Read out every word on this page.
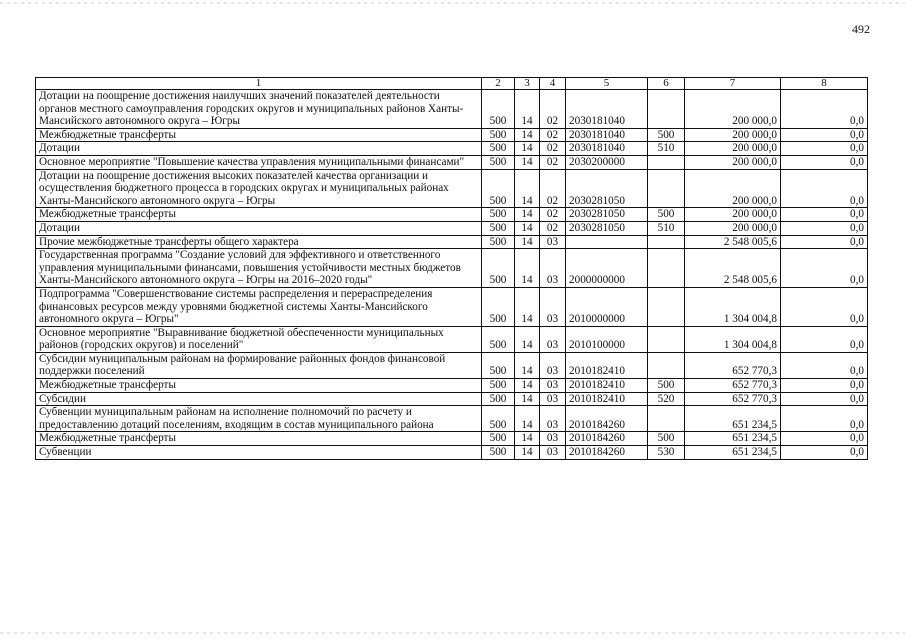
492
1	2	3	4	5	6	7	8
Дотации на поощрение достижения наилучших значений показателей деятельности органов местного самоуправления городских округов и муниципальных районов Ханты-Мансийского автономного округа – Югры	500	14	02	2030181040		200 000,0	0,0
Межбюджетные трансферты	500	14	02	2030181040	500	200 000,0	0,0
Дотации	500	14	02	2030181040	510	200 000,0	0,0
Основное мероприятие "Повышение качества управления муниципальными финансами"	500	14	02	2030200000		200 000,0	0,0
Дотации на поощрение достижения высоких показателей качества организации и осуществления бюджетного процесса в городских округах и муниципальных районах Ханты-Мансийского автономного округа – Югры	500	14	02	2030281050		200 000,0	0,0
Межбюджетные трансферты	500	14	02	2030281050	500	200 000,0	0,0
Дотации	500	14	02	2030281050	510	200 000,0	0,0
Прочие межбюджетные трансферты общего характера	500	14	03			2 548 005,6	0,0
Государственная программа "Создание условий для эффективного и ответственного управления муниципальными финансами, повышения устойчивости местных бюджетов Ханты-Мансийского автономного округа – Югры на 2016–2020 годы"	500	14	03	2000000000		2 548 005,6	0,0
Подпрограмма "Совершенствование системы распределения и перераспределения финансовых ресурсов между уровнями бюджетной системы Ханты-Мансийского автономного округа – Югры"	500	14	03	2010000000		1 304 004,8	0,0
Основное мероприятие "Выравнивание бюджетной обеспеченности муниципальных районов (городских округов) и поселений"	500	14	03	2010100000		1 304 004,8	0,0
Субсидии муниципальным районам на формирование районных фондов финансовой поддержки поселений	500	14	03	2010182410		652 770,3	0,0
Межбюджетные трансферты	500	14	03	2010182410	500	652 770,3	0,0
Субсидии	500	14	03	2010182410	520	652 770,3	0,0
Субвенции муниципальным районам на исполнение полномочий по расчету и предоставлению дотаций поселениям, входящим в состав муниципального района	500	14	03	2010184260		651 234,5	0,0
Межбюджетные трансферты	500	14	03	2010184260	500	651 234,5	0,0
Субвенции	500	14	03	2010184260	530	651 234,5	0,0
